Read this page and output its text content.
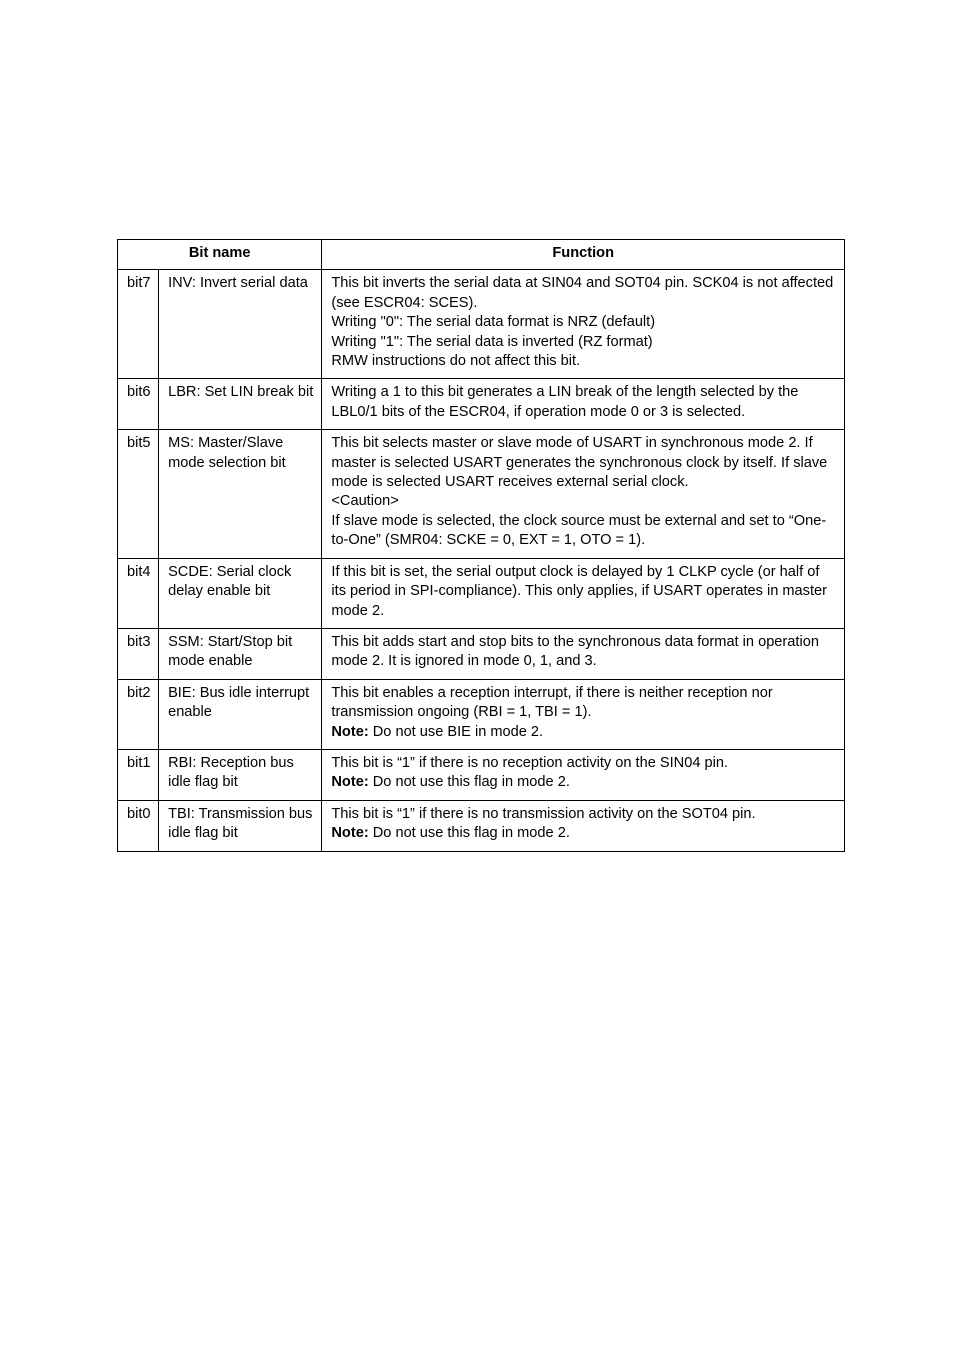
Bit name		Function
bit7	INV: Invert serial data	This bit inverts the serial data at SIN04 and SOT04 pin. SCK04 is not affected (see ESCR04: SCES).
Writing "0": The serial data format is NRZ (default)
Writing "1": The serial data is inverted (RZ format)
RMW instructions do not affect this bit.

bit6	LBR: Set LIN break bit	Writing a 1 to this bit generates a LIN break of the length selected by the LBL0/1 bits of the ESCR04, if operation mode 0 or 3 is selected.

bit5	MS: Master/Slave mode selection bit	This bit selects master or slave mode of USART in synchronous mode 2. If master is selected USART generates the synchronous clock by itself. If slave mode is selected USART receives external serial clock.
<Caution>
If slave mode is selected, the clock source must be external and set to “One-to-One” (SMR04: SCKE = 0, EXT = 1, OTO = 1).

bit4	SCDE: Serial clock delay enable bit	If this bit is set, the serial output clock is delayed by 1 CLKP cycle (or half of its period in SPI-compliance). This only applies, if USART operates in master mode 2.

bit3	SSM: Start/Stop bit mode enable	This bit adds start and stop bits to the synchronous data format in operation mode 2. It is ignored in mode 0, 1, and 3.

bit2	BIE: Bus idle interrupt enable	This bit enables a reception interrupt, if there is neither reception nor transmission ongoing (RBI = 1, TBI = 1).
Note: Do not use BIE in mode 2.

bit1	RBI: Reception bus idle flag bit	This bit is “1” if there is no reception activity on the SIN04 pin.
Note: Do not use this flag in mode 2.

bit0	TBI: Transmission bus idle flag bit	This bit is “1” if there is no transmission activity on the SOT04 pin.
Note: Do not use this flag in mode 2.
